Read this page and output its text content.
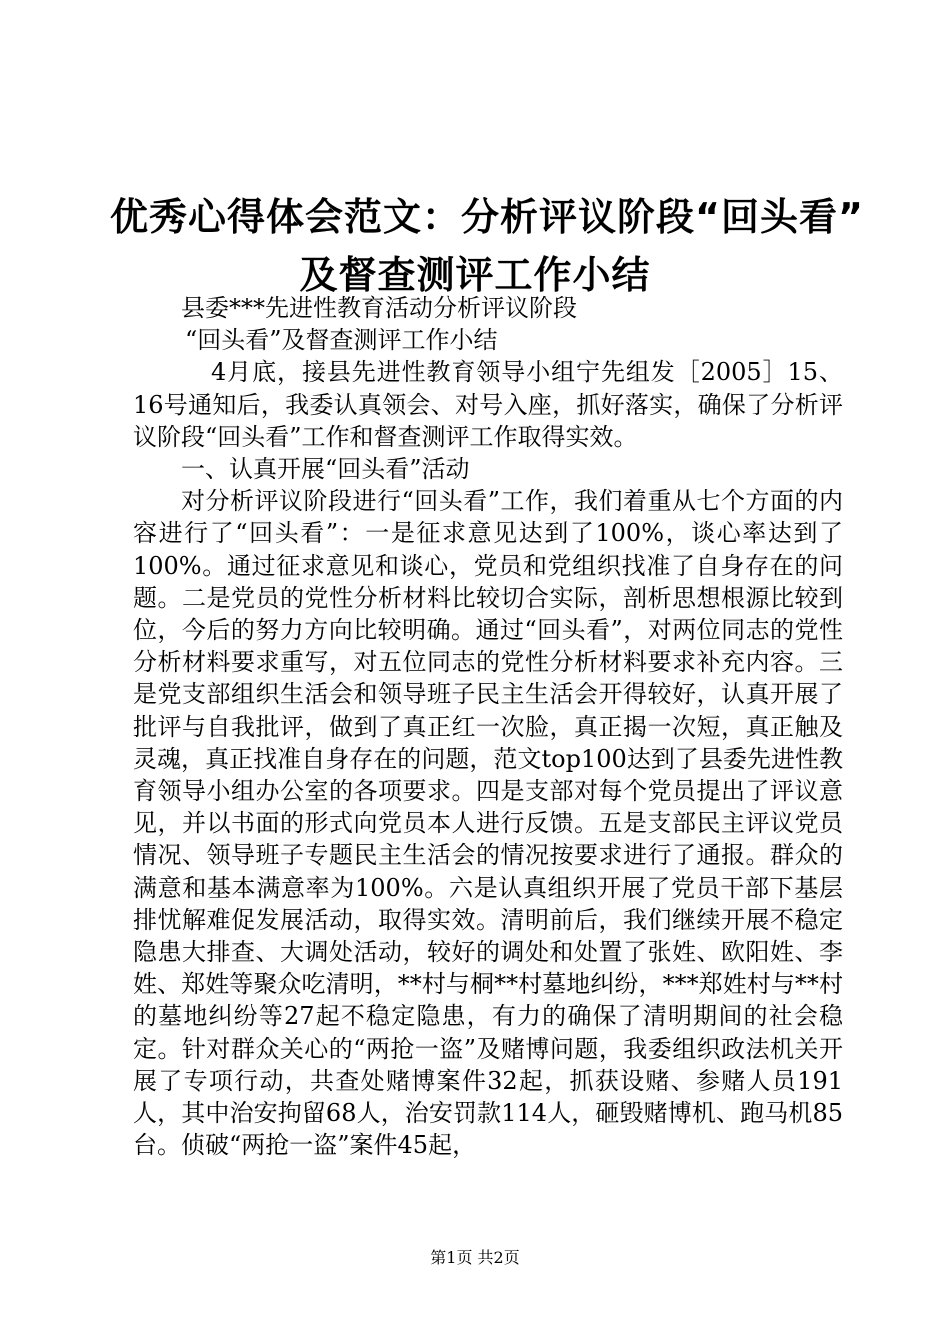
优秀心得体会范文：分析评议阶段“回头看”
及督查测评工作小结

县委***先进性教育活动分析评议阶段

“回头看”及督查测评工作小结

4月底，接县先进性教育领导小组宁先组发［2005］15、16号通知后，我委认真领会、对号入座，抓好落实，确保了分析评议阶段“回头看”工作和督查测评工作取得实效。

一、认真开展“回头看”活动

对分析评议阶段进行“回头看”工作，我们着重从七个方面的内容进行了“回头看”：一是征求意见达到了100%，谈心率达到了100%。通过征求意见和谈心，党员和党组织找准了自身存在的问题。二是党员的党性分析材料比较切合实际，剖析思想根源比较到位，今后的努力方向比较明确。通过“回头看”，对两位同志的党性分析材料要求重写，对五位同志的党性分析材料要求补充内容。三是党支部组织生活会和领导班子民主生活会开得较好，认真开展了批评与自我批评，做到了真正红一次脸，真正揭一次短，真正触及灵魂，真正找准自身存在的问题，范文top100达到了县委先进性教育领导小组办公室的各项要求。四是支部对每个党员提出了评议意见，并以书面的形式向党员本人进行反馈。五是支部民主评议党员情况、领导班子专题民主生活会的情况按要求进行了通报。群众的满意和基本满意率为100%。六是认真组织开展了党员干部下基层排忧解难促发展活动，取得实效。清明前后，我们继续开展不稳定隐患大排查、大调处活动，较好的调处和处置了张姓、欧阳姓、李姓、郑姓等聚众吃清明，**村与桐**村墓地纠纷，***郑姓村与**村的墓地纠纷等27起不稳定隐患，有力的确保了清明期间的社会稳定。针对群众关心的“两抢一盗”及赌博问题，我委组织政法机关开展了专项行动，共查处赌博案件32起，抓获设赌、参赌人员191人，其中治安拘留68人，治安罚款114人，砸毁赌博机、跑马机85台。侦破“两抢一盗”案件45起，

第1页 共2页
